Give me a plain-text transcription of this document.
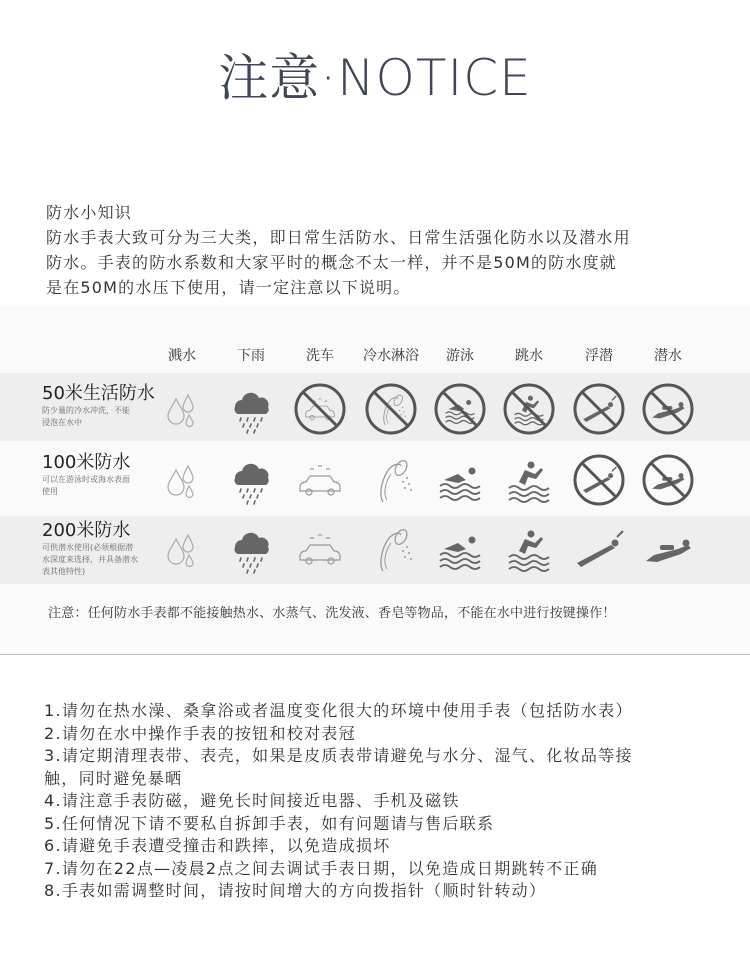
注意·NOTICE
防水小知识
防水手表大致可分为三大类，即日常生活防水、日常生活强化防水以及潜水用
防水。手表的防水系数和大家平时的概念不太一样，并不是50M的防水度就
是在50M的水压下使用，请一定注意以下说明。
溅水	下雨	洗车	冷水淋浴	游泳	跳水	浮潜	潜水
50米生活防水
防少量的冷水冲洗，不能浸泡在水中
100米防水
可以在游泳时或海水表面使用
200米防水
可供潜水使用(必须根据潜水深度来选择，并具备潜水表其他特性)
注意：任何防水手表都不能接触热水、水蒸气、洗发液、香皂等物品，不能在水中进行按键操作！
1.请勿在热水澡、桑拿浴或者温度变化很大的环境中使用手表（包括防水表）
2.请勿在水中操作手表的按钮和校对表冠
3.请定期清理表带、表壳，如果是皮质表带请避免与水分、湿气、化妆品等接
触，同时避免暴晒
4.请注意手表防磁，避免长时间接近电器、手机及磁铁
5.任何情况下请不要私自拆卸手表，如有问题请与售后联系
6.请避免手表遭受撞击和跌摔，以免造成损坏
7.请勿在22点—凌晨2点之间去调试手表日期，以免造成日期跳转不正确
8.手表如需调整时间，请按时间增大的方向拨指针（顺时针转动）
